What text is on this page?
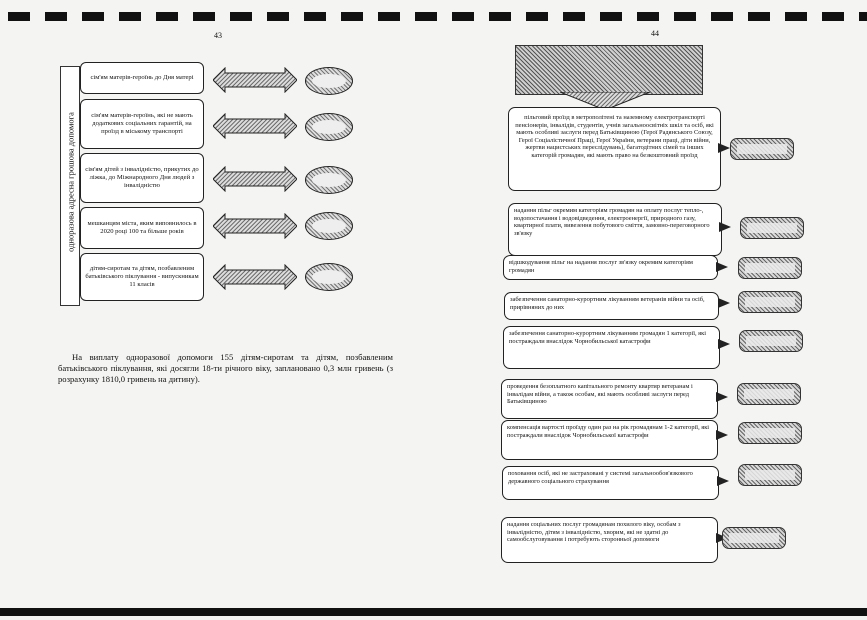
43	44
одноразова адресна грошова допомога
сім'ям матерів-героїнь до Дня матері
сім'ям матерів-героїнь, які не мають додаткових соціальних гарантій, на проїзд в міському транспорті
сім'ям дітей з інвалідністю, прикутих до ліжка, до Міжнародного Дня людей з інвалідністю
мешканцям міста, яким виповнилось в 2020 році 100 та більше років
дітям-сиротам та дітям, позбавленим батьківського піклування - випускникам 11 класів
На виплату одноразової допомоги 155 дітям-сиротам та дітям, позбавленим батьківського піклування, які досягли 18-ти річного віку, заплановано 0,3 млн гривень (з розрахунку 1810,0 гривень на дитину).
пільговий проїзд в метрополітені та наземному електротранспорті пенсіонерів, інвалідів, студентів, учнів загальноосвітніх шкіл та осіб, які мають особливі заслуги перед Батьківщиною (Герої Радянського Союзу, Герої Соціалістичної Праці, Герої України, ветерани праці, діти війни, жертви нацистських переслідувань), багатодітних сімей та інших категорій громадян, які мають право на безкоштовний проїзд
надання пільг окремим категоріям громадян на оплату послуг тепло-, водопостачання і водовідведення, електроенергії, природного газу, квартирної плати, вивезення побутового сміття, замовно-переговорного зв'язку
відшкодування пільг на надання послуг зв'язку окремим категоріям громадян
забезпечення санаторно-курортним лікуванням ветеранів війни та осіб, прирівняних до них
забезпечення санаторно-курортним лікуванням громадян 1 категорії, які постраждали внаслідок Чорнобильської катастрофи
проведення безоплатного капітального ремонту квартир ветеранам і інвалідам війни, а також особам, які мають особливі заслуги перед Батьківщиною
компенсація вартості проїзду один раз на рік громадянам 1-2 категорії, які постраждали внаслідок Чорнобильської катастрофи
поховання осіб, які не застраховані у системі загальнообов'язкового державного соціального страхування
надання соціальних послуг громадянам похилого віку, особам з інвалідністю, дітям з інвалідністю, хворим, які не здатні до самообслуговування і потребують сторонньої допомоги
